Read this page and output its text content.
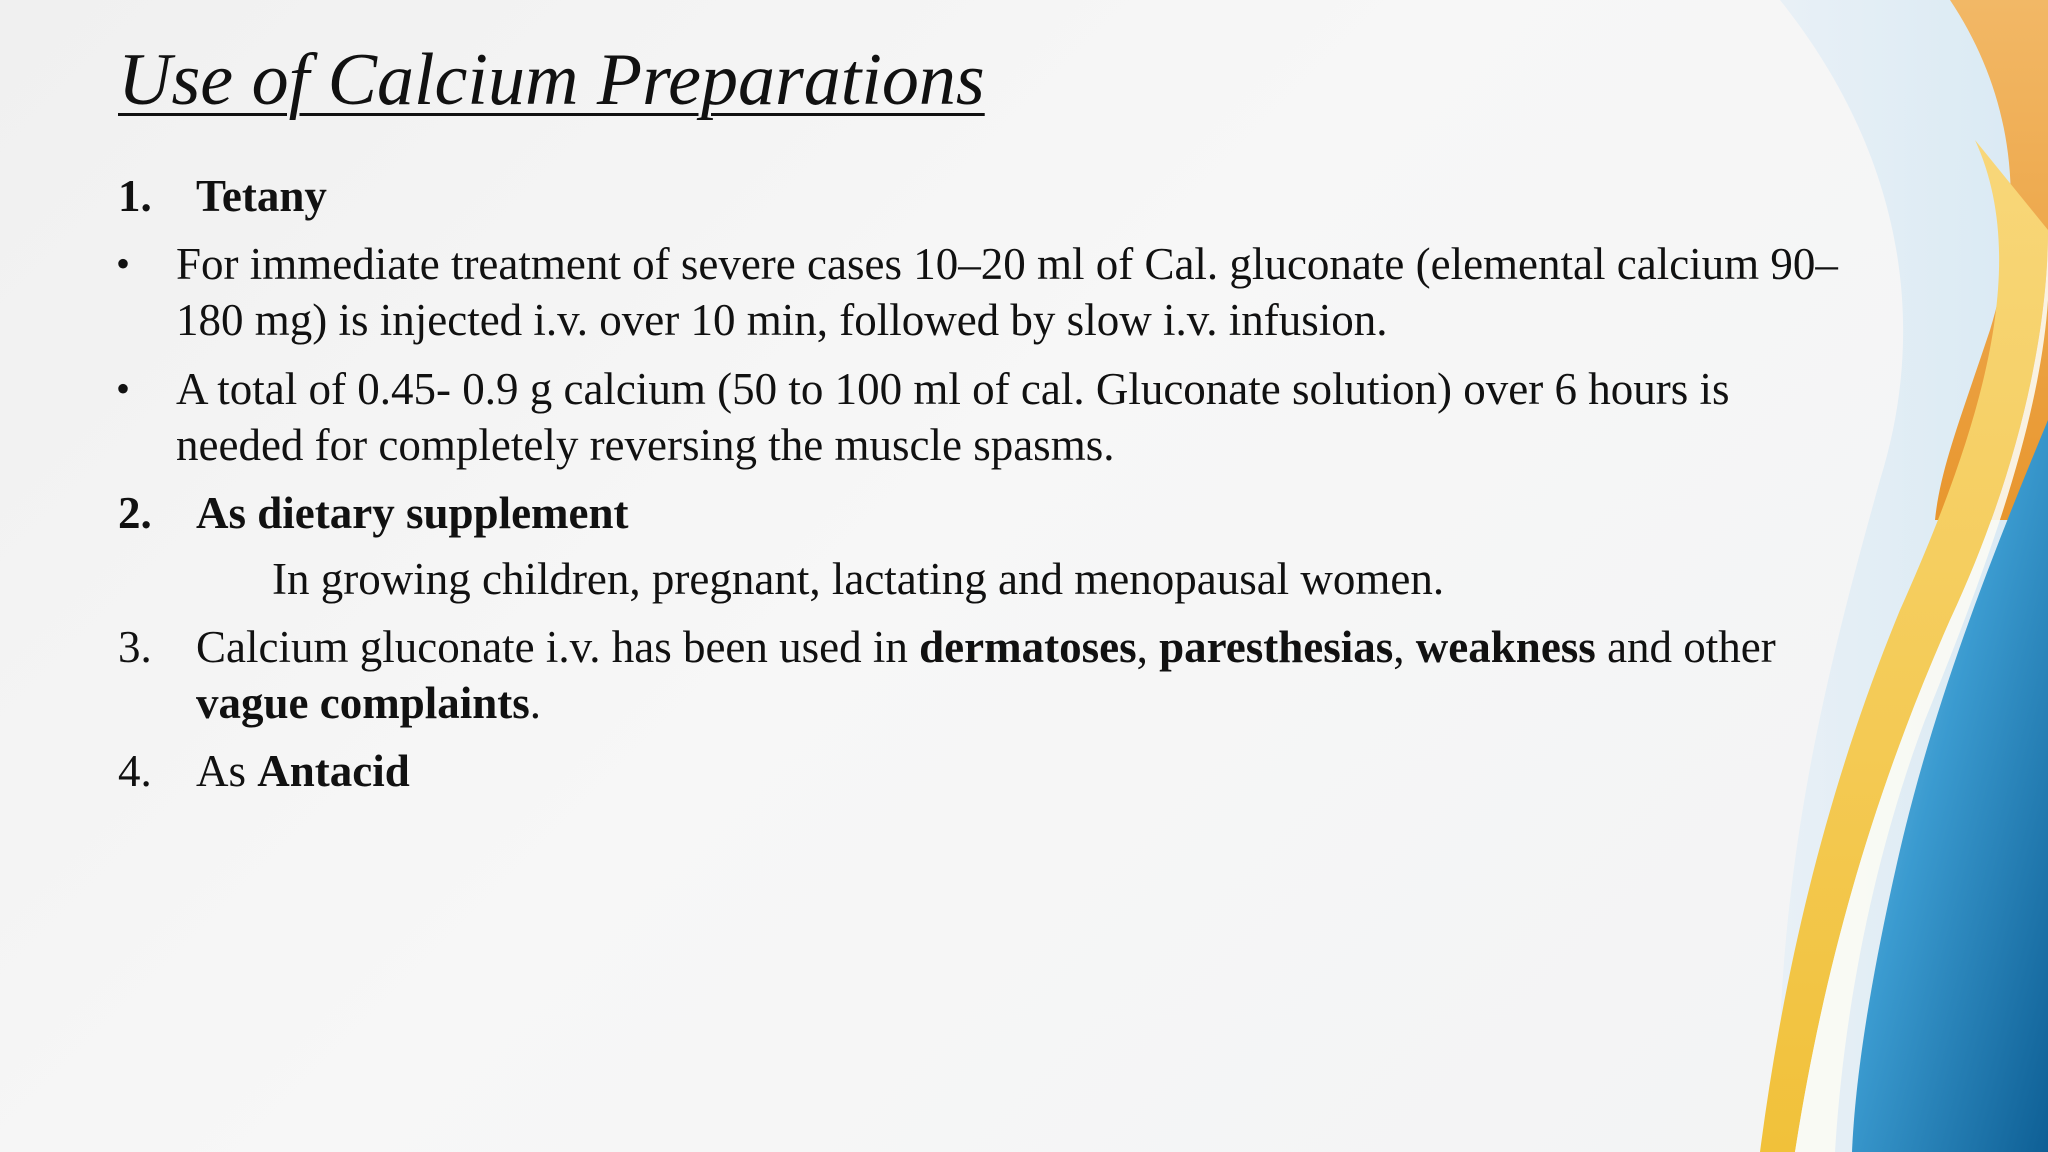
Use of Calcium Preparations
1. Tetany
• For immediate treatment of severe cases 10–20 ml of Cal. gluconate (elemental calcium 90–
180 mg) is injected i.v. over 10 min, followed by slow i.v. infusion.
• A total of 0.45- 0.9 g calcium (50 to 100 ml of cal. Gluconate solution) over 6 hours is
needed for completely reversing the muscle spasms.
2. As dietary supplement
In growing children, pregnant, lactating and menopausal women.
3. Calcium gluconate i.v. has been used in dermatoses, paresthesias, weakness and other
vague complaints.
4. As Antacid
